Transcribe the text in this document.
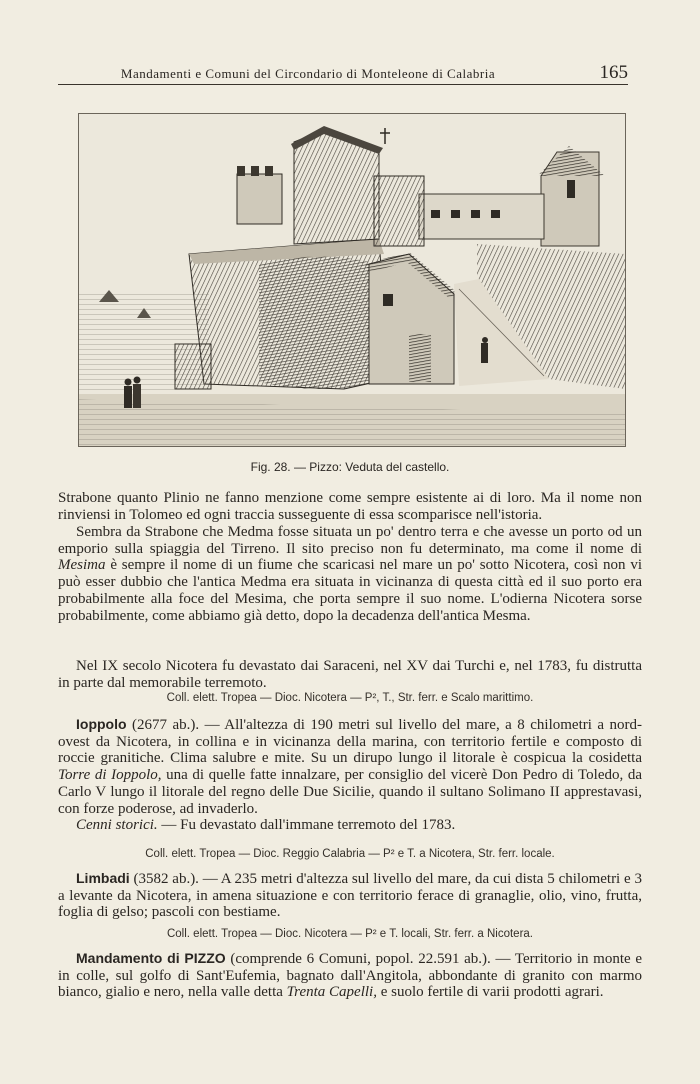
Mandamenti e Comuni del Circondario di Monteleone di Calabria	165
Fig. 28. — Pizzo: Veduta del castello.

Strabone quanto Plinio ne fanno menzione come sempre esistente ai di loro. Ma il nome non rinviensi in Tolomeo ed ogni traccia susseguente di essa scomparisce nell'istoria.

Sembra da Strabone che Medma fosse situata un po' dentro terra e che avesse un porto od un emporio sulla spiaggia del Tirreno. Il sito preciso non fu determinato, ma come il nome di Mesima è sempre il nome di un fiume che scaricasi nel mare un po' sotto Nicotera, così non vi può esser dubbio che l'antica Medma era situata in vicinanza di questa città ed il suo porto era probabilmente alla foce del Mesima, che porta sempre il suo nome. L'odierna Nicotera sorse probabilmente, come abbiamo già detto, dopo la decadenza dell'antica Mesma.

Nel IX secolo Nicotera fu devastato dai Saraceni, nel XV dai Turchi e, nel 1783, fu distrutta in parte dal memorabile terremoto.

Coll. elett. Tropea — Dioc. Nicotera — P², T., Str. ferr. e Scalo marittimo.

Ioppolo (2677 ab.). — All'altezza di 190 metri sul livello del mare, a 8 chilometri a nord-ovest da Nicotera, in collina e in vicinanza della marina, con territorio fertile e composto di roccie granitiche. Clima salubre e mite. Su un dirupo lungo il litorale è cospicua la cosidetta Torre di Ioppolo, una di quelle fatte innalzare, per consiglio del vicerè Don Pedro di Toledo, da Carlo V lungo il litorale del regno delle Due Sicilie, quando il sultano Solimano II apprestavasi, con forze poderose, ad invaderlo.

Cenni storici. — Fu devastato dall'immane terremoto del 1783.

Coll. elett. Tropea — Dioc. Reggio Calabria — P² e T. a Nicotera, Str. ferr. locale.

Limbadi (3582 ab.). — A 235 metri d'altezza sul livello del mare, da cui dista 5 chilometri e 3 a levante da Nicotera, in amena situazione e con territorio ferace di granaglie, olio, vino, frutta, foglia di gelso; pascoli con bestiame.

Coll. elett. Tropea — Dioc. Nicotera — P² e T. locali, Str. ferr. a Nicotera.

Mandamento di PIZZO (comprende 6 Comuni, popol. 22.591 ab.). — Territorio in monte e in colle, sul golfo di Sant'Eufemia, bagnato dall'Angitola, abbondante di granito con marmo bianco, gialio e nero, nella valle detta Trenta Capelli, e suolo fertile di varii prodotti agrari.
